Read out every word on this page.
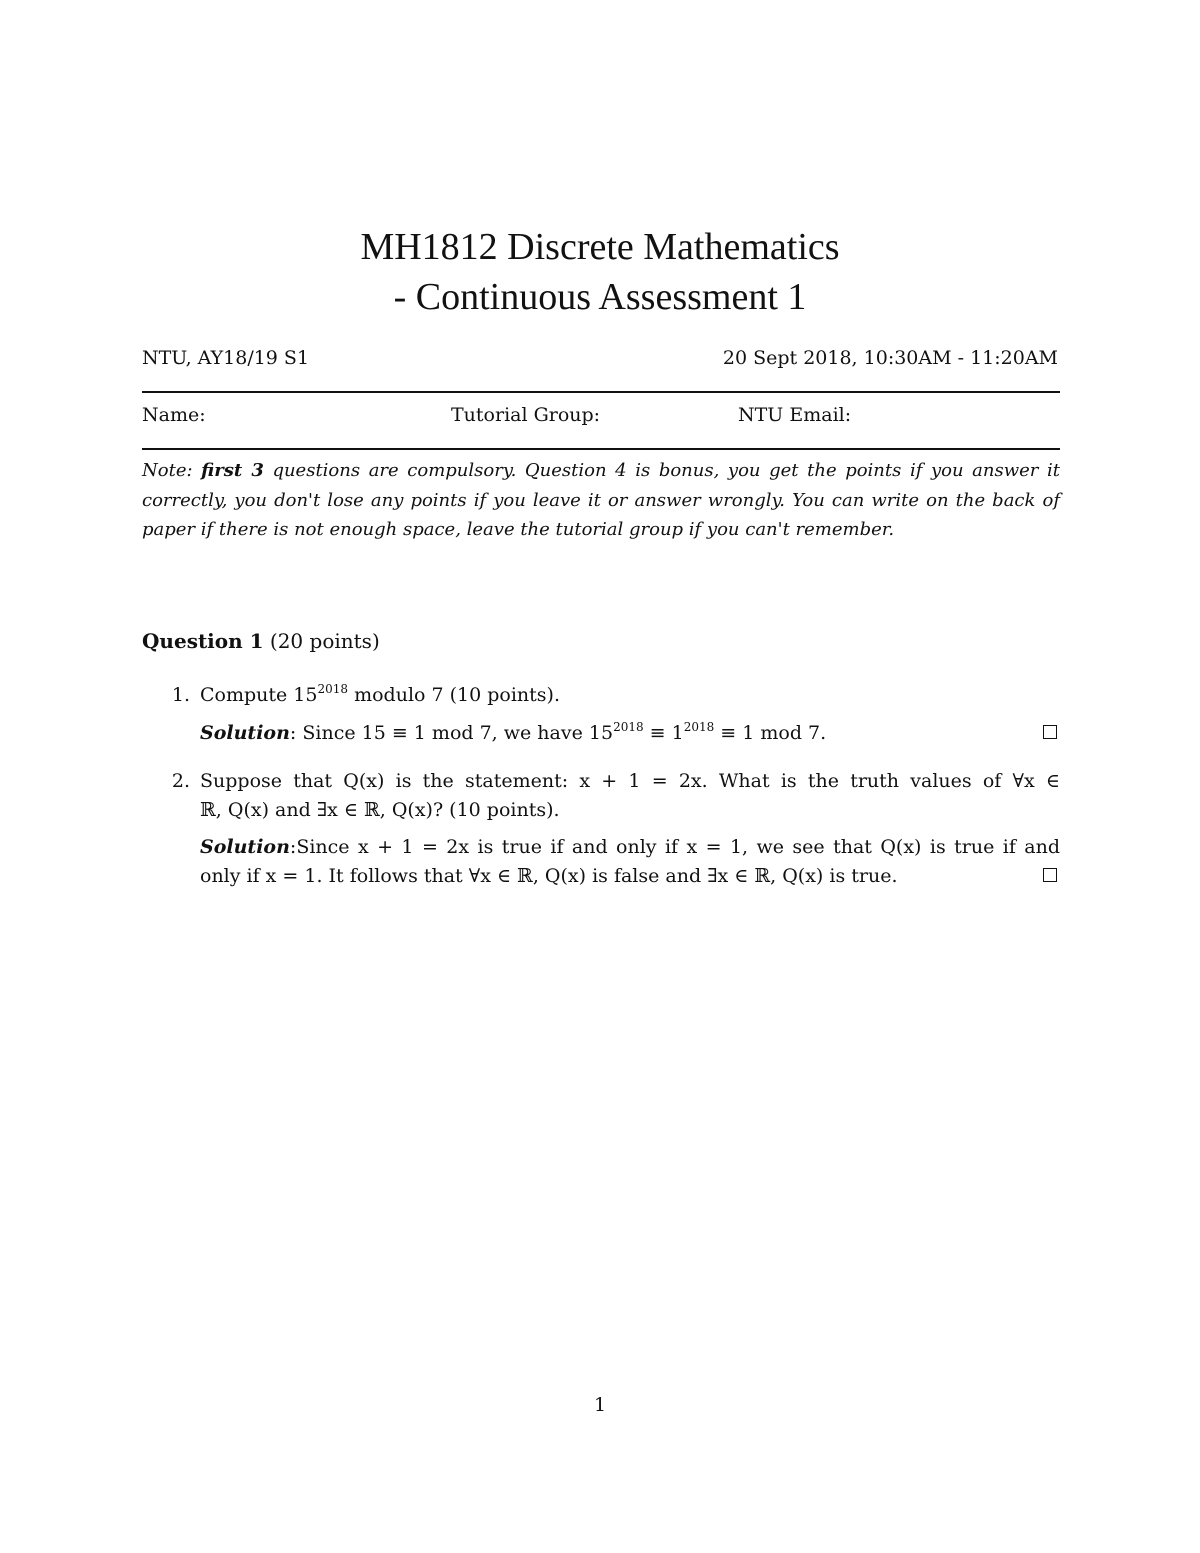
MH1812 Discrete Mathematics
- Continuous Assessment 1
NTU, AY18/19 S1	20 Sept 2018, 10:30AM - 11:20AM
Name:	Tutorial Group:	NTU Email:
Note: first 3 questions are compulsory. Question 4 is bonus, you get the points if you answer it correctly, you don't lose any points if you leave it or answer wrongly. You can write on the back of paper if there is not enough space, leave the tutorial group if you can't remember.
Question 1 (20 points)
1. Compute $15^{2018}$ modulo 7 (10 points).
Solution: Since 15 ≡ 1 mod 7, we have $15^{2018} \equiv 1^{2018} \equiv 1$ mod 7.
2. Suppose that Q(x) is the statement: x + 1 = 2x. What is the truth values of ∀x ∈
ℝ, Q(x) and ∃x ∈ ℝ, Q(x)? (10 points).
Solution:Since x + 1 = 2x is true if and only if x = 1, we see that Q(x) is true if and
only if x = 1. It follows that ∀x ∈ ℝ, Q(x) is false and ∃x ∈ ℝ, Q(x) is true.
1
